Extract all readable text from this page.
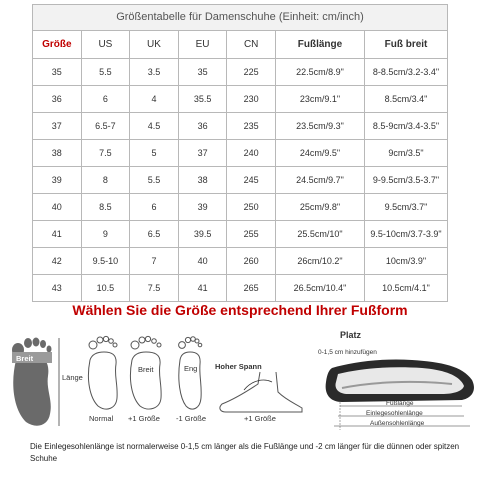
Größentabelle für Damenschuhe (Einheit: cm/inch)
Größe	US	UK	EU	CN	Fußlänge	Fuß breit
35	5.5	3.5	35	225	22.5cm/8.9"	8-8.5cm/3.2-3.4"
36	6	4	35.5	230	23cm/9.1"	8.5cm/3.4"
37	6.5-7	4.5	36	235	23.5cm/9.3"	8.5-9cm/3.4-3.5"
38	7.5	5	37	240	24cm/9.5"	9cm/3.5"
39	8	5.5	38	245	24.5cm/9.7"	9-9.5cm/3.5-3.7"
40	8.5	6	39	250	25cm/9.8"	9.5cm/3.7"
41	9	6.5	39.5	255	25.5cm/10"	9.5-10cm/3.7-3.9"
42	9.5-10	7	40	260	26cm/10.2"	10cm/3.9"
43	10.5	7.5	41	265	26.5cm/10.4"	10.5cm/4.1"
Wählen Sie die Größe entsprechend Ihrer Fußform
Breit
Länge
Breit	Eng
Normal +1 Größe -1 Größe
Hoher Spann
+1 Größe
Platz
0-1,5 cm hinzufügen
Fußlänge
Einlegesohlenlänge
Außensohlenlänge
Die Einlegesohlenlänge ist normalerweise 0-1,5 cm länger als die Fußlänge und -2 cm länger für die dünnen oder spitzen Schuhe
